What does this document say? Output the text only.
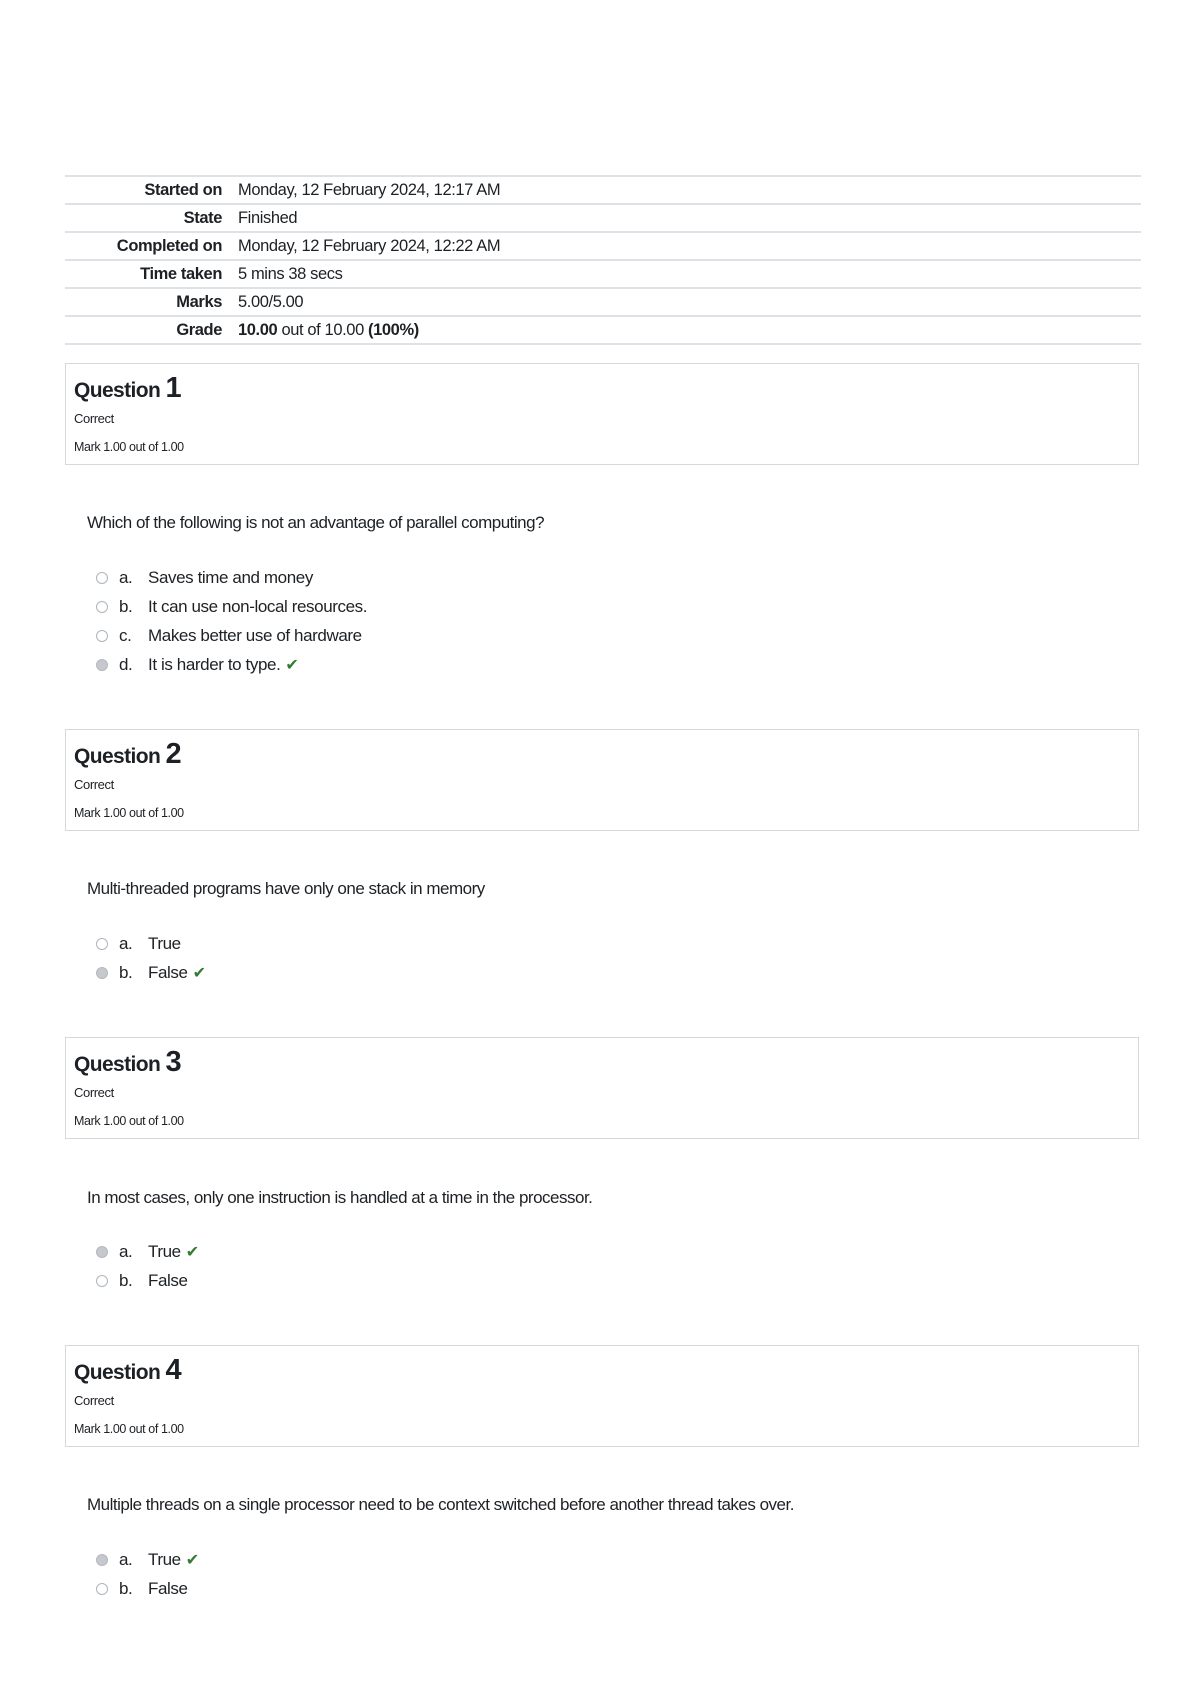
Started on	Monday, 12 February 2024, 12:17 AM
State	Finished
Completed on	Monday, 12 February 2024, 12:22 AM
Time taken	5 mins 38 secs
Marks	5.00/5.00
Grade	10.00 out of 10.00 (100%)
Question 1
Correct
Mark 1.00 out of 1.00
Which of the following is not an advantage of parallel computing?
a. Saves time and money
b. It can use non-local resources.
c. Makes better use of hardware
d. It is harder to type. ✔
Question 2
Correct
Mark 1.00 out of 1.00
Multi-threaded programs have only one stack in memory
a. True
b. False ✔
Question 3
Correct
Mark 1.00 out of 1.00
In most cases, only one instruction is handled at a time in the processor.
a. True ✔
b. False
Question 4
Correct
Mark 1.00 out of 1.00
Multiple threads on a single processor need to be context switched before another thread takes over.
a. True ✔
b. False
